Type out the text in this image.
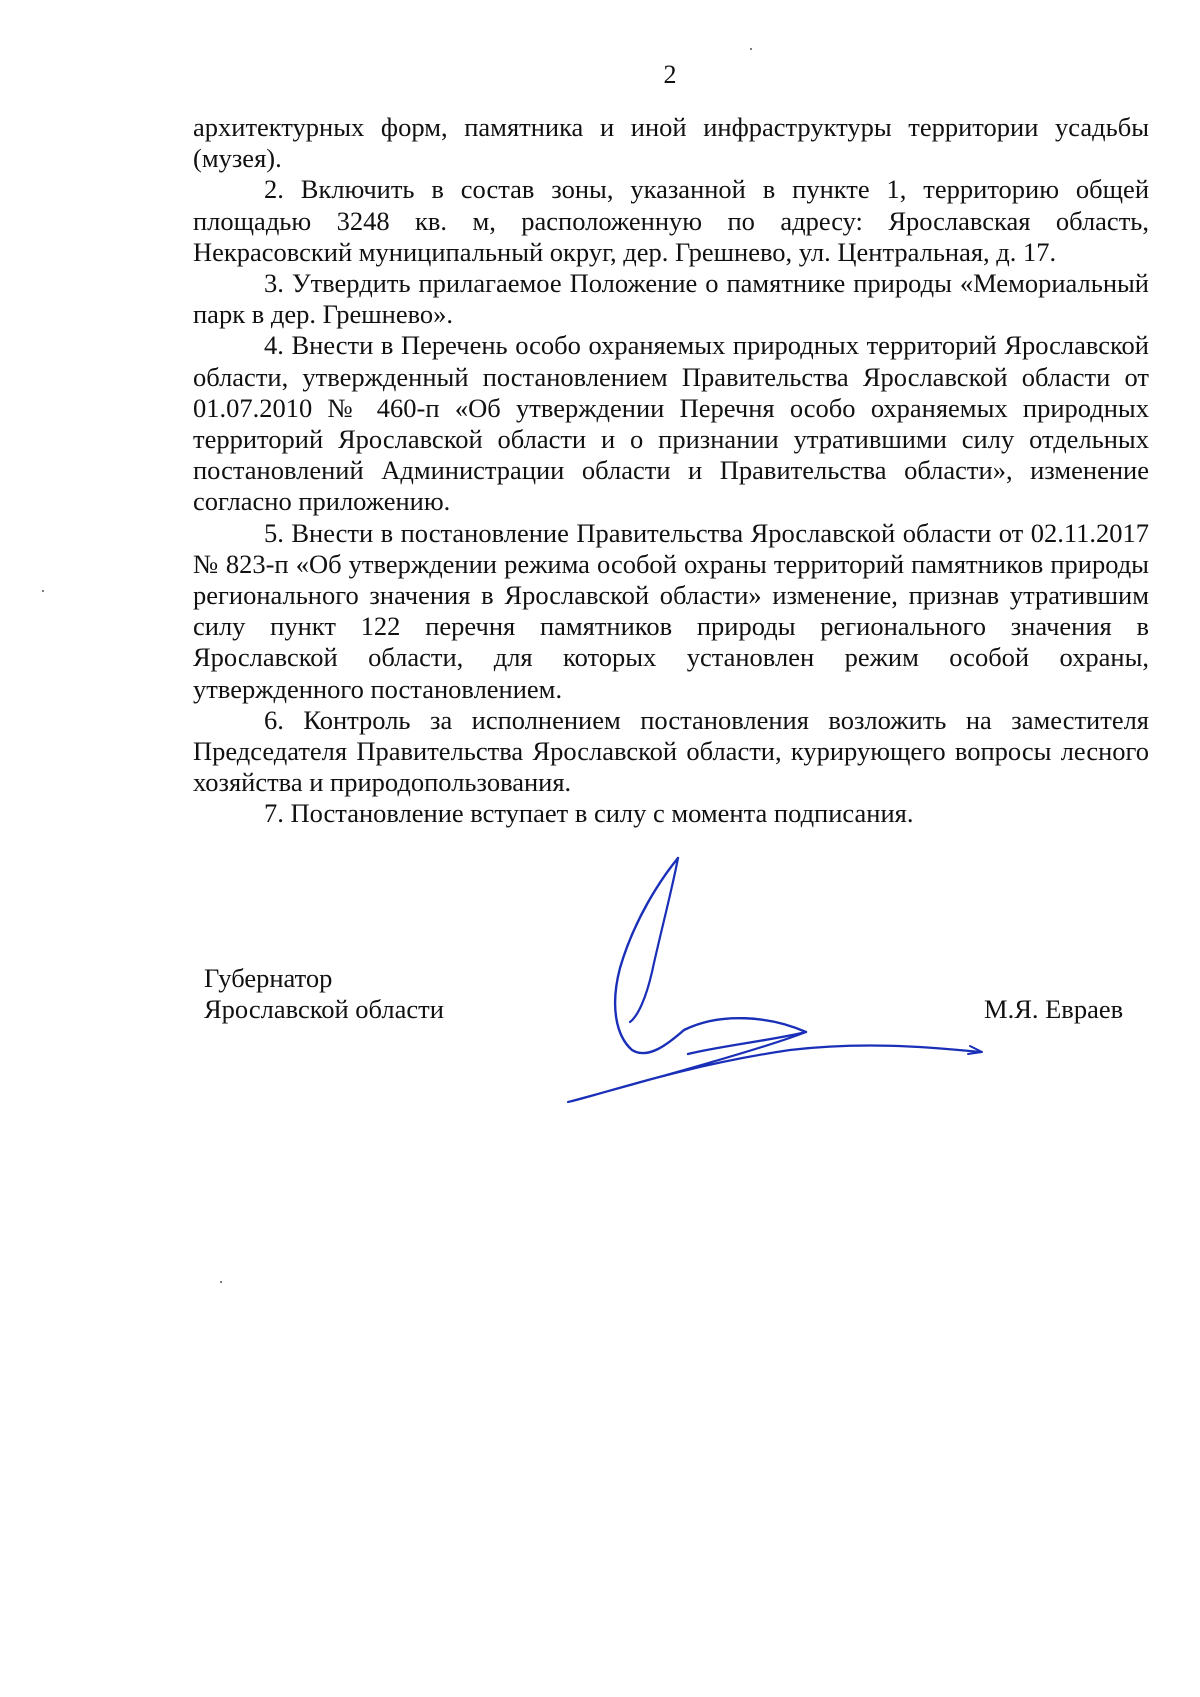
2

архитектурных форм, памятника и иной инфраструктуры территории усадьбы (музея).

2. Включить в состав зоны, указанной в пункте 1, территорию общей площадью 3248 кв. м, расположенную по адресу: Ярославская область, Некрасовский муниципальный округ, дер. Грешнево, ул. Центральная, д. 17.

3. Утвердить прилагаемое Положение о памятнике природы «Мемориальный парк в дер. Грешнево».

4. Внести в Перечень особо охраняемых природных территорий Ярославской области, утвержденный постановлением Правительства Ярославской области от 01.07.2010 № 460-п «Об утверждении Перечня особо охраняемых природных территорий Ярославской области и о признании утратившими силу отдельных постановлений Администрации области и Правительства области», изменение согласно приложению.

5. Внести в постановление Правительства Ярославской области от 02.11.2017 № 823-п «Об утверждении режима особой охраны территорий памятников природы регионального значения в Ярославской области» изменение, признав утратившим силу пункт 122 перечня памятников природы регионального значения в Ярославской области, для которых установлен режим особой охраны, утвержденного постановлением.

6. Контроль за исполнением постановления возложить на заместителя Председателя Правительства Ярославской области, курирующего вопросы лесного хозяйства и природопользования.

7. Постановление вступает в силу с момента подписания.

Губернатор
Ярославской области	М.Я. Евраев
